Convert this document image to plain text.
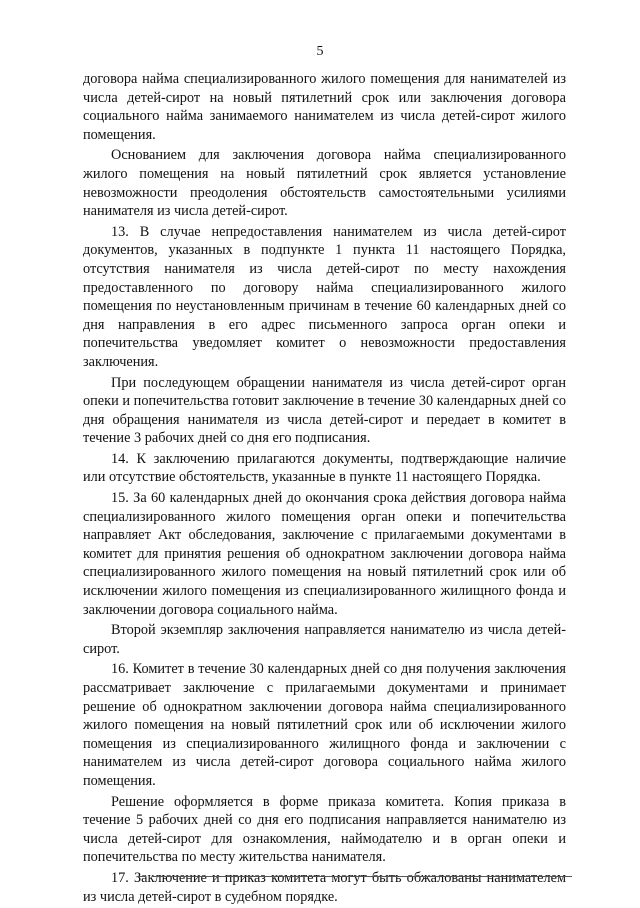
5

договора найма специализированного жилого помещения для нанимателей из числа детей-сирот на новый пятилетний срок или заключения договора социального найма занимаемого нанимателем из числа детей-сирот жилого помещения.

Основанием для заключения договора найма специализированного жилого помещения на новый пятилетний срок является установление невозможности преодоления обстоятельств самостоятельными усилиями нанимателя из числа детей-сирот.

13. В случае непредоставления нанимателем из числа детей-сирот документов, указанных в подпункте 1 пункта 11 настоящего Порядка, отсутствия нанимателя из числа детей-сирот по месту нахождения предоставленного по договору найма специализированного жилого помещения по неустановленным причинам в течение 60 календарных дней со дня направления в его адрес письменного запроса орган опеки и попечительства уведомляет комитет о невозможности предоставления заключения.

При последующем обращении нанимателя из числа детей-сирот орган опеки и попечительства готовит заключение в течение 30 календарных дней со дня обращения нанимателя из числа детей-сирот и передает в комитет в течение 3 рабочих дней со дня его подписания.

14. К заключению прилагаются документы, подтверждающие наличие или отсутствие обстоятельств, указанные в пункте 11 настоящего Порядка.

15. За 60 календарных дней до окончания срока действия договора найма специализированного жилого помещения орган опеки и попечительства направляет Акт обследования, заключение с прилагаемыми документами в комитет для принятия решения об однократном заключении договора найма специализированного жилого помещения на новый пятилетний срок или об исключении жилого помещения из специализированного жилищного фонда и заключении договора социального найма.

Второй экземпляр заключения направляется нанимателю из числа детей-сирот.

16. Комитет в течение 30 календарных дней со дня получения заключения рассматривает заключение с прилагаемыми документами и принимает решение об однократном заключении договора найма специализированного жилого помещения на новый пятилетний срок или об исключении жилого помещения из специализированного жилищного фонда и заключении с нанимателем из числа детей-сирот договора социального найма жилого помещения.

Решение оформляется в форме приказа комитета. Копия приказа в течение 5 рабочих дней со дня его подписания направляется нанимателю из числа детей-сирот для ознакомления, наймодателю и в орган опеки и попечительства по месту жительства нанимателя.

17. Заключение и приказ комитета могут быть обжалованы нанимателем из числа детей-сирот в судебном порядке.
